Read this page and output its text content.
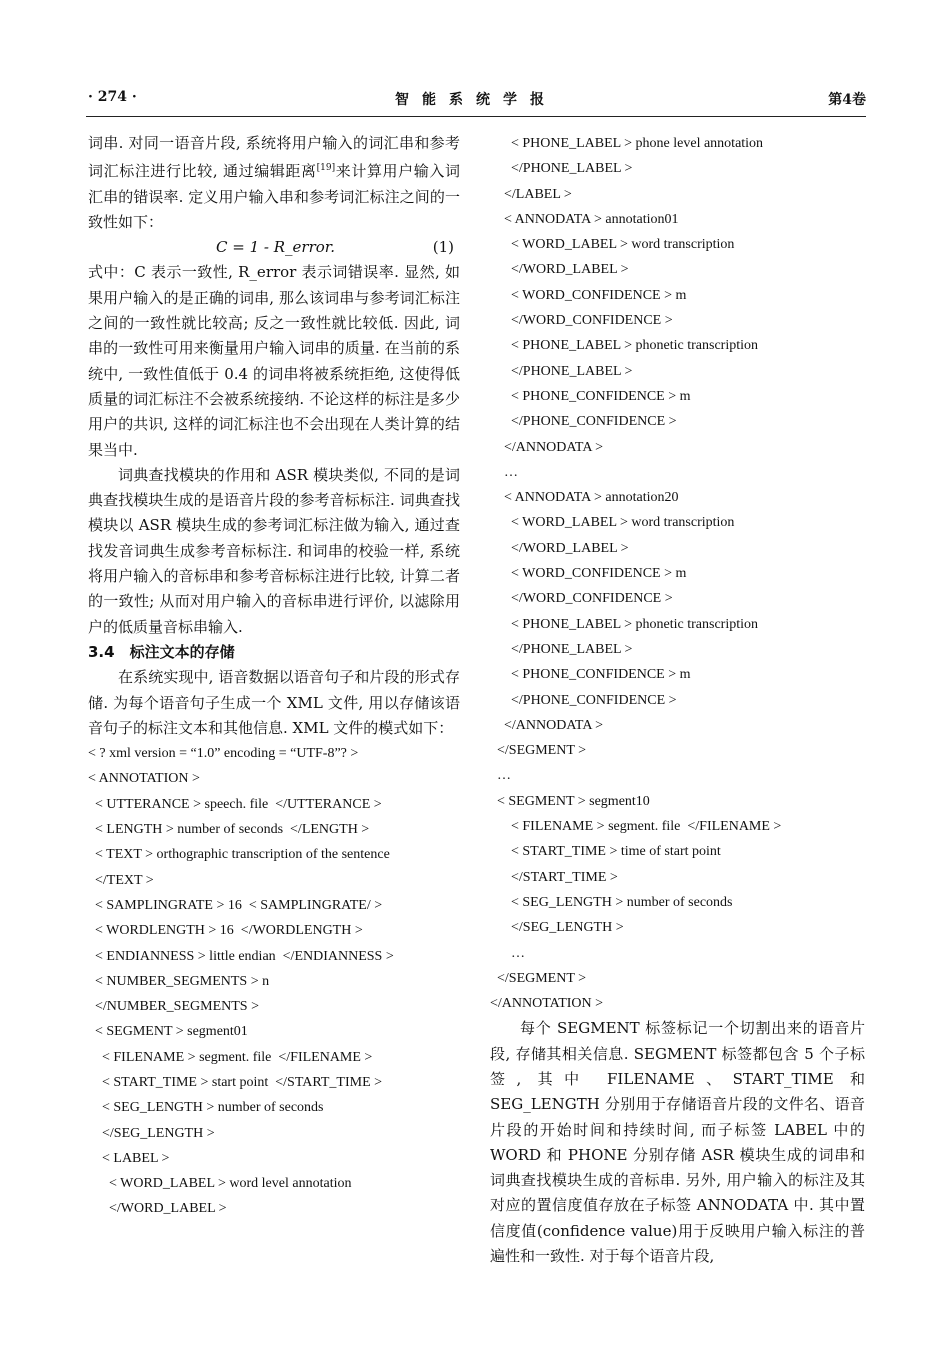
· 274 ·	智能系统学报	第4卷

词串. 对同一语音片段, 系统将用户输入的词汇串和参考词汇标注进行比较, 通过编辑距离[19]来计算用户输入词汇串的错误率. 定义用户输入串和参考词汇标注之间的一致性如下：

C = 1 - R_error.	(1)

式中：C 表示一致性, R_error 表示词错误率. 显然, 如果用户输入的是正确的词串, 那么该词串与参考词汇标注之间的一致性就比较高; 反之一致性就比较低. 因此, 词串的一致性可用来衡量用户输入词串的质量. 在当前的系统中, 一致性值低于 0.4 的词串将被系统拒绝, 这使得低质量的词汇标注不会被系统接纳. 不论这样的标注是多少用户的共识, 这样的词汇标注也不会出现在人类计算的结果当中.

词典查找模块的作用和 ASR 模块类似, 不同的是词典查找模块生成的是语音片段的参考音标标注. 词典查找模块以 ASR 模块生成的参考词汇标注做为输入, 通过查找发音词典生成参考音标标注. 和词串的校验一样, 系统将用户输入的音标串和参考音标标注进行比较, 计算二者的一致性; 从而对用户输入的音标串进行评价, 以滤除用户的低质量音标串输入.

3.4　标注文本的存储

在系统实现中, 语音数据以语音句子和片段的形式存储. 为每个语音句子生成一个 XML 文件, 用以存储该语音句子的标注文本和其他信息. XML 文件的模式如下：

< ? xml version = “1.0” encoding = “UTF-8”? >
< ANNOTATION >
< UTTERANCE > speech. file  </UTTERANCE >
< LENGTH > number of seconds  </LENGTH >
< TEXT > orthographic transcription of the sentence
</TEXT >
< SAMPLINGRATE > 16  < SAMPLINGRATE/ >
< WORDLENGTH > 16  </WORDLENGTH >
< ENDIANNESS > little endian  </ENDIANNESS >
< NUMBER_SEGMENTS > n
</NUMBER_SEGMENTS >
< SEGMENT > segment01
< FILENAME > segment. file  </FILENAME >
< START_TIME > start point  </START_TIME >
< SEG_LENGTH > number of seconds
</SEG_LENGTH >
< LABEL >
< WORD_LABEL > word level annotation
</WORD_LABEL >
< PHONE_LABEL > phone level annotation
</PHONE_LABEL >
</LABEL >
< ANNODATA > annotation01
< WORD_LABEL > word transcription
</WORD_LABEL >
< WORD_CONFIDENCE > m
</WORD_CONFIDENCE >
< PHONE_LABEL > phonetic transcription
</PHONE_LABEL >
< PHONE_CONFIDENCE > m
</PHONE_CONFIDENCE >
</ANNODATA >
…
< ANNODATA > annotation20
< WORD_LABEL > word transcription
</WORD_LABEL >
< WORD_CONFIDENCE > m
</WORD_CONFIDENCE >
< PHONE_LABEL > phonetic transcription
</PHONE_LABEL >
< PHONE_CONFIDENCE > m
</PHONE_CONFIDENCE >
</ANNODATA >
</SEGMENT >
…
< SEGMENT > segment10
< FILENAME > segment. file  </FILENAME >
< START_TIME > time of start point
</START_TIME >
< SEG_LENGTH > number of seconds
</SEG_LENGTH >
…
</SEGMENT >
</ANNOTATION >

每个 SEGMENT 标签标记一个切割出来的语音片段, 存储其相关信息. SEGMENT 标签都包含 5 个子标签, 其中 FILENAME、START_TIME 和 SEG_LENGTH 分别用于存储语音片段的文件名、语音片段的开始时间和持续时间, 而子标签 LABEL 中的 WORD 和 PHONE 分别存储 ASR 模块生成的词串和词典查找模块生成的音标串. 另外, 用户输入的标注及其对应的置信度值存放在子标签 ANNODATA 中. 其中置信度值(confidence value)用于反映用户输入标注的普遍性和一致性. 对于每个语音片段,
